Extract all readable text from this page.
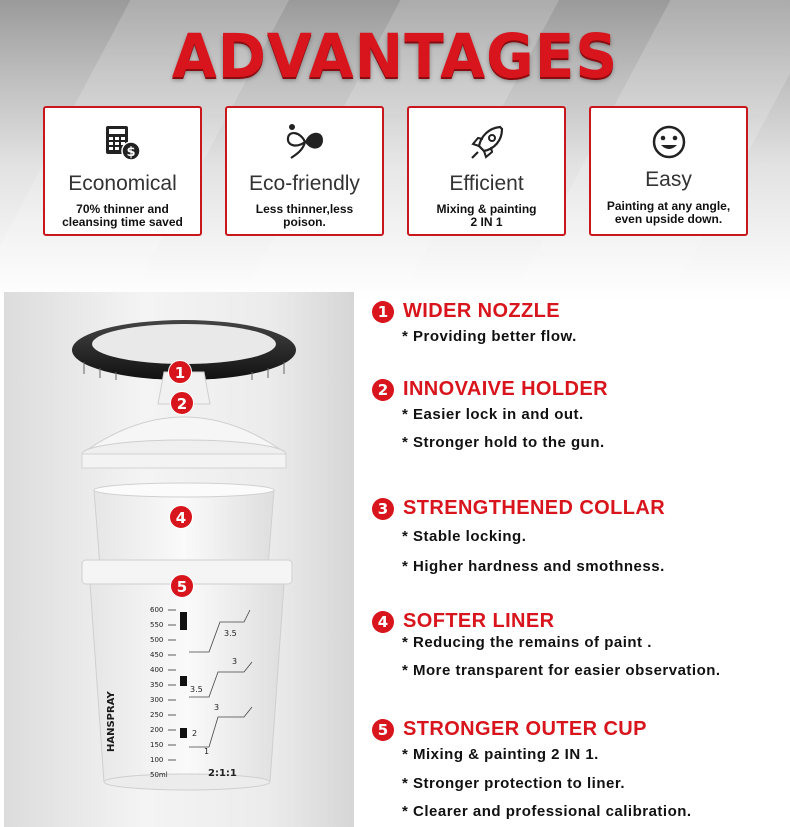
ADVANTAGES
$
Economical
70% thinner and
cleansing time saved
Eco-friendly
Less thinner,less
poison.
Efficient
Mixing & painting
2 IN 1
Easy
Painting at any angle,
even upside down.
600
550
500
450
400
350
300
250
200
150
100
50ml
3.5
3
3.5
3
2
1
2:1:1
HANSPRAY
1
2
4
5
1 WIDER NOZZLE
* Providing better flow.
2 INNOVAIVE HOLDER
* Easier lock in and out.
* Stronger hold to the gun.
3 STRENGTHENED COLLAR
* Stable locking.
* Higher hardness and smothness.
4 SOFTER LINER
* Reducing the remains of paint .
* More transparent for easier observation.
5 STRONGER OUTER CUP
* Mixing & painting 2 IN 1.
* Stronger protection to liner.
* Clearer and professional calibration.
